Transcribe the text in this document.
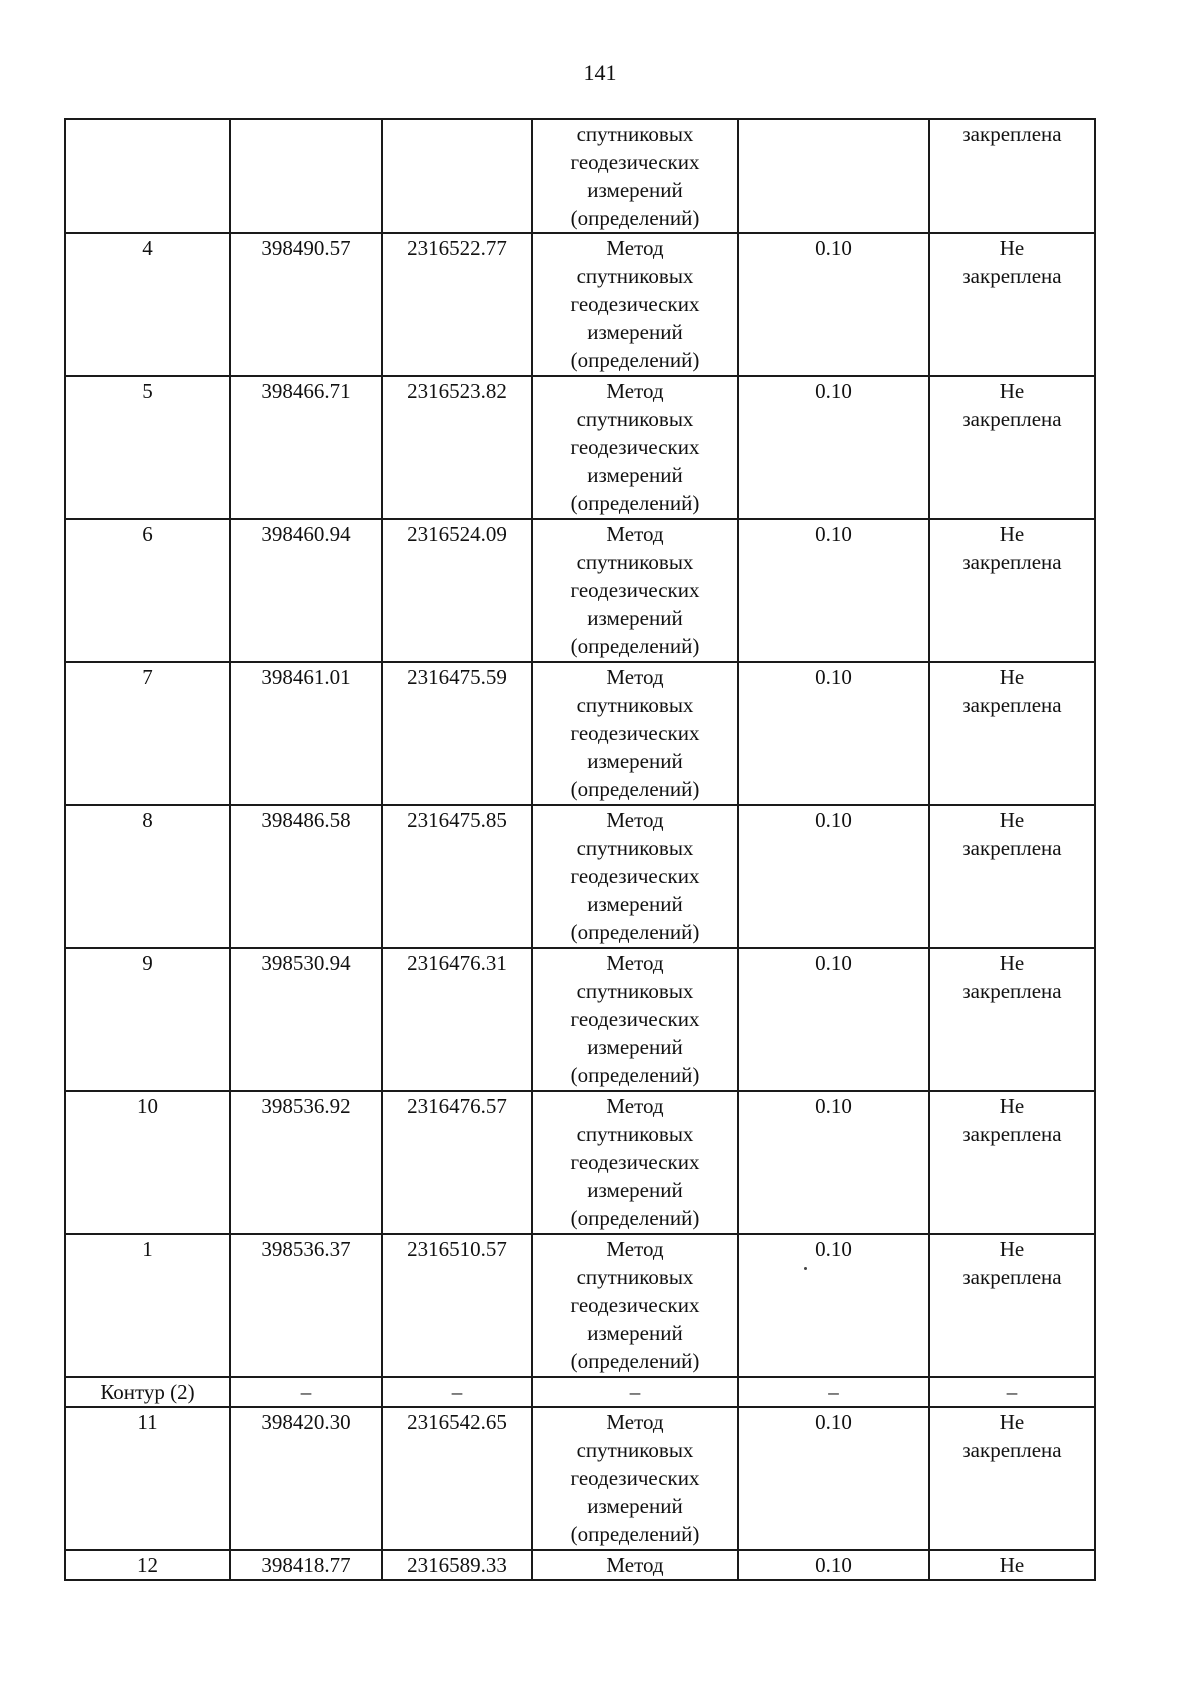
141

			спутниковых
геодезических
измерений
(определений)		закреплена

4	398490.57	2316522.77	Метод
спутниковых
геодезических
измерений
(определений)	0.10	Не
закреплена

5	398466.71	2316523.82	Метод
спутниковых
геодезических
измерений
(определений)	0.10	Не
закреплена

6	398460.94	2316524.09	Метод
спутниковых
геодезических
измерений
(определений)	0.10	Не
закреплена

7	398461.01	2316475.59	Метод
спутниковых
геодезических
измерений
(определений)	0.10	Не
закреплена

8	398486.58	2316475.85	Метод
спутниковых
геодезических
измерений
(определений)	0.10	Не
закреплена

9	398530.94	2316476.31	Метод
спутниковых
геодезических
измерений
(определений)	0.10	Не
закреплена

10	398536.92	2316476.57	Метод
спутниковых
геодезических
измерений
(определений)	0.10	Не
закреплена

1	398536.37	2316510.57	Метод
спутниковых
геодезических
измерений
(определений)	0.10	Не
закреплена

Контур (2)	–	–	–	–	–

11	398420.30	2316542.65	Метод
спутниковых
геодезических
измерений
(определений)	0.10	Не
закреплена

12	398418.77	2316589.33	Метод	0.10	Не
